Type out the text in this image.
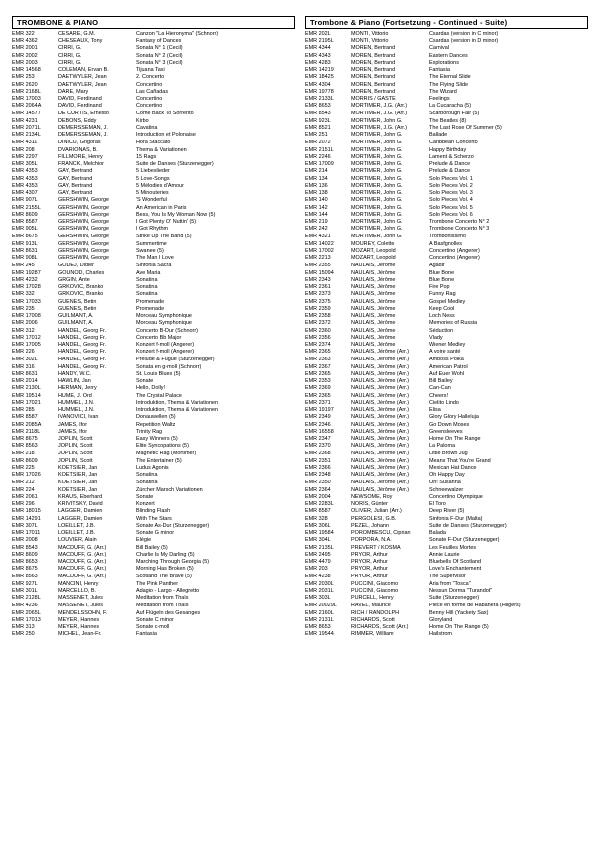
TROMBONE & PIANO
EMR 322	CESARE, G.M.	Canzon "La Hieronyma" (Schnorr)
EMR 4362	CHESEAUX, Tony	Fantasy of Dances
EMR 2001	CIRRI, G.	Sonata N° 1 (Cecil)
EMR 2002	CIRRI, G.	Sonata N° 2 (Cecil)
EMR 2003	CIRRI, G.	Sonata N° 3 (Cecil)
EMR 14568	COLEMAN, Ervan B.	Tijuana Taxi
EMR 253	DAETWYLER, Jean	2. Concerto
EMR 2620	DAETWYLER, Jean	Concertino
EMR 2168L	DARE, Mary	Las Cañadas
EMR 17003	DAVID, Ferdinand	Concertino
EMR 2064A	DAVID, Ferdinand	Concertino
EMR 14577	DE CURTIS, Ernesto	Come Back To Sorrento
EMR 4231	DEBONS, Eddy	Kirbo
EMR 2071L	DEMERSSEMAN, J.	Cavatina
EMR 2134L	DEMERSSEMAN, J.	Introduction et Polonaise
EMR 4311	DINICU, Grigoras	Hora Staccato
EMR 208	DVARIONAS, B.	Thema & Variationen
EMR 2297	FILLMORE, Henry	15 Rags
EMR 305L	FRANCK, Melchior	Suite de Danses (Sturzenegger)
EMR 4353	GAY, Bertrand	5 Liebeslieder
EMR 4353	GAY, Bertrand	5 Love-Songs
EMR 4353	GAY, Bertrand	5 Mélodies d'Amour
EMR 4307	GAY, Bertrand	5 Minouteries
EMR 907L	GERSHWIN, George	'S Wonderful
EMR 2155L	GERSHWIN, George	An American in Paris
EMR 8609	GERSHWIN, George	Bess, You Is My Woman Now (5)
EMR 8587	GERSHWIN, George	I Got Plenty O' Nuttin' (5)
EMR 905L	GERSHWIN, George	I Got Rhythm
EMR 8675	GERSHWIN, George	Strike Up The Band (5)
EMR 913L	GERSHWIN, George	Summertime
EMR 8631	GERSHWIN, George	Swanee (5)
EMR 908L	GERSHWIN, George	The Man I Love
EMR 245	GODEJ, Didier	Sinfonia Sacra
EMR 19287	GOUNOD, Charles	Ave Maria
EMR 4232	GRGIN, Ante	Sonatina
EMR 17028	GRKOVIC, Branko	Sonatina
EMR 332	GRKOVIC, Branko	Sonatina
EMR 17033	GUENES, Betin	Promenade
EMR 235	GUENES, Betin	Promenade
EMR 17008	GUILMANT, A.	Morceau Symphonique
EMR 2006	GUILMANT, A.	Morceau Symphonique
EMR 312	HÄNDEL, Georg Fr.	Concerto B-Dur (Schnorr)
EMR 17012	HÄNDEL, Georg Fr.	Concerto Bb Major
EMR 17005	HÄNDEL, Georg Fr.	Konzert f-moll (Angerer)
EMR 226	HÄNDEL, Georg Fr.	Konzert f-moll (Angerer)
EMR 302L	HÄNDEL, Georg Fr.	Prelude & Fugue (Sturzenegger)
EMR 316	HÄNDEL, Georg Fr.	Sonata en g-moll (Schnorr)
EMR 8631	HANDY, W.C.	St. Louis Blues (5)
EMR 2014	HAWLIN, Jan	Sonate
EMR 2130L	HERMAN, Jerry	Hello, Dolly!
EMR 19514	HUME, J. Ord	The Crystal Palace
EMR 17021	HUMMEL, J.N.	Introduktion, Thema & Variationen
EMR 285	HUMMEL, J.N.	Introduktion, Thema & Variationen
EMR 8587	IVANOVICI, Ivan	Donauwellen (5)
EMR 2085A	JAMES, Ifor	Repetition Waltz
EMR 2118L	JAMES, Ifor	Trinity Rag
EMR 8675	JOPLIN, Scott	Easy Winners (5)
EMR 8563	JOPLIN, Scott	Elite Syncopations (5)
EMR 218	JOPLIN, Scott	Magnetic Rag (Mortimer)
EMR 8609	JOPLIN, Scott	The Entertainer (5)
EMR 225	KOETSIER, Jan	Ludus Agonis
EMR 17026	KOETSIER, Jan	Sonatina
EMR 212	KOETSIER, Jan	Sonatina
EMR 224	KOETSIER, Jan	Zürcher Marsch Variationen
EMR 2061	KRAUS, Eberhard	Sonate
EMR 296	KRIVITSKY, David	Konzert
EMR 18015	LAGGER, Damien	Blinding Flash
EMR 14291	LAGGER, Damien	With The Stars
EMR 307L	LOEILLET, J.B.	Sonate As-Dur (Sturzenegger)
EMR 17011	LOEILLET, J.B.	Sonate G minor
EMR 2008	LOUVIER, Alain	Elégie
EMR 8543	MACDUFF, G. (Arr.)	Bill Bailey (5)
EMR 8609	MACDUFF, G. (Arr.)	Charlie Is My Darling (5)
EMR 8653	MACDUFF, G. (Arr.)	Marching Through Georgia (5)
EMR 8675	MACDUFF, G. (Arr.)	Morning Has Broken (5)
EMR 8563	MACDUFF, G. (Arr.)	Scotland The Brave (5)
EMR 927L	MANCINI, Henry	The Pink Panther
EMR 301L	MARCELLO, B.	Adagio - Largo - Allegretto
EMR 2128L	MASSENET, Jules	Meditation from Thaïs
EMR 4236	MASSENET, Jules	Meditation from Thaïs
EMR 2065L	MENDELSSOHN, F.	Auf Flügeln des Gesanges
EMR 17013	MEYER, Hannes	Sonate C minor
EMR 313	MEYER, Hannes	Sonate c-moll
EMR 250	MICHEL, Jean-Fr.	Fantasia
Trombone & Piano (Fortsetzung - Continued - Suite)
EMR 202L	MONTI, Vittorio	Csardas (version in C minor)
EMR 2195L	MONTI, Vittorio	Csardas (version in D minor)
EMR 4344	MOREN, Bertrand	Carnival
EMR 4343	MOREN, Bertrand	Eastern Dances
EMR 4283	MOREN, Bertrand	Explorations
EMR 14219	MOREN, Bertrand	Fantasia
EMR 18425	MOREN, Bertrand	The Eternal Slide
EMR 4304	MOREN, Bertrand	The Flying Slide
EMR 19778	MOREN, Bertrand	The Wizard
EMR 2133L	MORRIS / GASTE	Feelings
EMR 8653	MORTIMER, J.G. (Arr.)	La Cucaracha (5)
EMR 8543	MORTIMER, J.G. (Arr.)	Scarborough Fair (5)
EMR 923L	MORTIMER, John G.	The Beatles (8)
EMR 8521	MORTIMER, J.G. (Arr.)	The Last Rose Of Summer (5)
EMR 251	MORTIMER, John G.	Ballade
EMR 2072	MORTIMER, John G.	Caribbean Concerto
EMR 2151L	MORTIMER, John G.	Happy Birthday
EMR 2246	MORTIMER, John G.	Lament & Scherzo
EMR 17009	MORTIMER, John G.	Prelude & Dance
EMR 214	MORTIMER, John G.	Prelude & Dance
EMR 134	MORTIMER, John G.	Solo Pieces Vol. 1
EMR 136	MORTIMER, John G.	Solo Pieces Vol. 2
EMR 138	MORTIMER, John G.	Solo Pieces Vol. 3
EMR 140	MORTIMER, John G.	Solo Pieces Vol. 4
EMR 142	MORTIMER, John G.	Solo Pieces Vol. 5
EMR 144	MORTIMER, John G.	Solo Pieces Vol. 6
EMR 219	MORTIMER, John G.	Trombone Concerto N° 2
EMR 242	MORTIMER, John G.	Trombone Concerto N° 3
EMR 4321	MORTIMER, John G.	Trombonissimo
EMR 14022	MOUREY, Colette	A Basfgnolles
EMR 17002	MOZART, Leopold	Concertino (Angerer)
EMR 2213	MOZART, Leopold	Concertino (Angerer)
EMR 2355	NAULAIS, Jérôme	Agadir
EMR 15094	NAULAIS, Jérôme	Blue Bone
EMR 2343	NAULAIS, Jérôme	Blue Bone
EMR 2361	NAULAIS, Jérôme	Fire Pop
EMR 2373	NAULAIS, Jérôme	Funny Rag
EMR 2375	NAULAIS, Jérôme	Gospel Medley
EMR 2359	NAULAIS, Jérôme	Keep Cool
EMR 2358	NAULAIS, Jérôme	Loch Ness
EMR 2372	NAULAIS, Jérôme	Memories of Russia
EMR 2360	NAULAIS, Jérôme	Séduction
EMR 2356	NAULAIS, Jérôme	Vlady
EMR 2374	NAULAIS, Jérôme	Wiener Medley
EMR 2365	NAULAIS, Jérôme (Arr.)	A voire santé
EMR 2363	NAULAIS, Jérôme (Arr.)	Amboss Polka
EMR 2367	NAULAIS, Jérôme (Arr.)	American Patrol
EMR 2365	NAULAIS, Jérôme (Arr.)	Auf Euer Wohl
EMR 2353	NAULAIS, Jérôme (Arr.)	Bill Bailey
EMR 2369	NAULAIS, Jérôme (Arr.)	Can-Can
EMR 2365	NAULAIS, Jérôme (Arr.)	Cheers!
EMR 2371	NAULAIS, Jérôme (Arr.)	Cielito Lindo
EMR 19197	NAULAIS, Jérôme (Arr.)	Elisa
EMR 2349	NAULAIS, Jérôme (Arr.)	Glory Glory Halleluja
EMR 2346	NAULAIS, Jérôme (Arr.)	Go Down Moses
EMR 16558	NAULAIS, Jérôme (Arr.)	Greensleeves
EMR 2347	NAULAIS, Jérôme (Arr.)	Home On The Range
EMR 2370	NAULAIS, Jérôme (Arr.)	La Paloma
EMR 2368	NAULAIS, Jérôme (Arr.)	Little Brown Jug
EMR 2351	NAULAIS, Jérôme (Arr.)	Means That You're Grand
EMR 2366	NAULAIS, Jérôme (Arr.)	Mexican Hat Dance
EMR 2348	NAULAIS, Jérôme (Arr.)	Oh Happy Day
EMR 2350	NAULAIS, Jérôme (Arr.)	Oh! Susanna
EMR 2364	NAULAIS, Jérôme (Arr.)	Schneewalzer
EMR 2004	NEWSOME, Roy	Concertino Olympique
EMR 2283L	NORIS, Günter	El Toro
EMR 8587	OLIVER, Julian (Arr.)	Deep River (5)
EMR 328	PERGOLESI, G.B.	Sinfonia F-Dur (Malta)
EMR 306L	PEZEL, Johann	Suite de Danses (Sturzenegger)
EMR 19584	POROMBESCU, Ciprian	Balada
EMR 304L	PORPORA, N.A.	Sonate F-Dur (Sturzenegger)
EMR 2135L	PREVERT / KOSMA	Les Feuilles Mortes
EMR 2495	PRYOR, Arthur	Annie Laurie
EMR 4479	PRYOR, Arthur	Bluebells Of Scotland
EMR 203	PRYOR, Arthur	Love's Enchantement
EMR 4238	PRYOR, Arthur	The Supervisor
EMR 2030L	PUCCINI, Giacomo	Aria from "Tosca"
EMR 2031L	PUCCINI, Giacomo	Nessun Dorma "Turandot"
EMR 303L	PURCELL, Henry	Suite (Sturzenegger)
EMR 20029L	RAVEL, Maurice	Pièce en forme de Habanera (Hilgers)
EMR 2160L	RICH / RANDOLPH	Benny Hill (Yackety Sax)
EMR 2131L	RICHARDS, Scott	Gloryland
EMR 8653	RICHARDS, Scott (Arr.)	Home On The Range (5)
EMR 19544	RIMMER, William	Hailstrom
